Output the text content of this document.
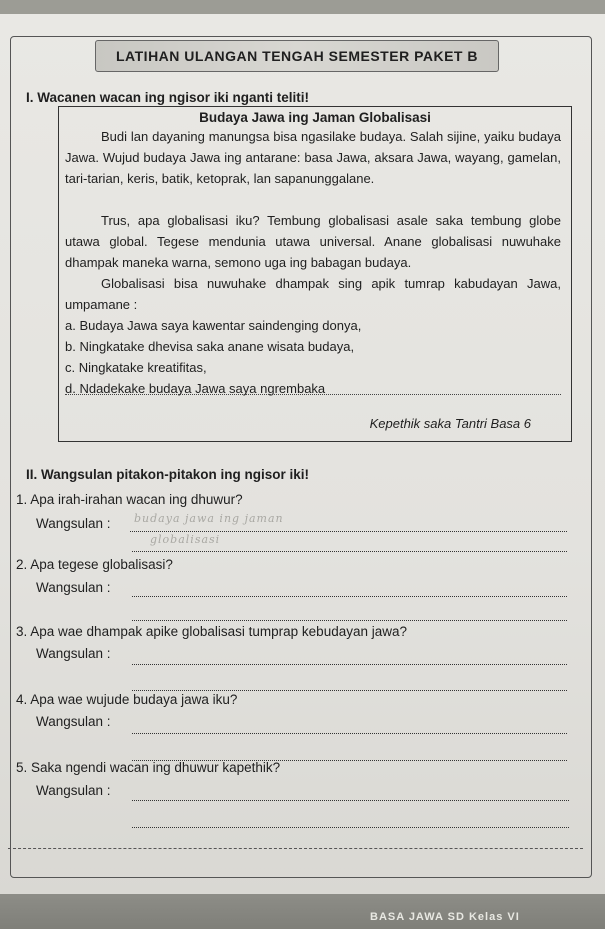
LATIHAN ULANGAN TENGAH SEMESTER PAKET B
I. Wacanen wacan ing ngisor iki nganti teliti!
Budaya Jawa ing Jaman Globalisasi
Budi lan dayaning manungsa bisa ngasilake budaya. Salah sijine, yaiku budaya Jawa. Wujud budaya Jawa ing antarane: basa Jawa, aksara Jawa, wayang, gamelan, tari-tarian, keris, batik, ketoprak, lan sapanunggalane.
Trus, apa globalisasi iku? Tembung globalisasi asale saka tembung globe utawa global. Tegese mendunia utawa universal. Anane globalisasi nuwuhake dhampak maneka warna, semono uga ing babagan budaya.
Globalisasi bisa nuwuhake dhampak sing apik tumrap kabudayan Jawa, umpamane :
a. Budaya Jawa saya kawentar saindenging donya,
b. Ningkatake dhevisa saka anane wisata budaya,
c. Ningkatake kreatifitas,
d. Ndadekake budaya Jawa saya ngrembaka
Kepethik saka Tantri Basa 6
II. Wangsulan pitakon-pitakon ing ngisor iki!
1. Apa irah-irahan wacan ing dhuwur?
Wangsulan : budaya jawa ing jaman
globalisasi
2. Apa tegese globalisasi?
Wangsulan :
3. Apa wae dhampak apike globalisasi tumprap kebudayan jawa?
Wangsulan :
4. Apa wae wujude budaya jawa iku?
Wangsulan :
5. Saka ngendi wacan ing dhuwur kapethik?
Wangsulan :
BASA JAWA SD Kelas VI
